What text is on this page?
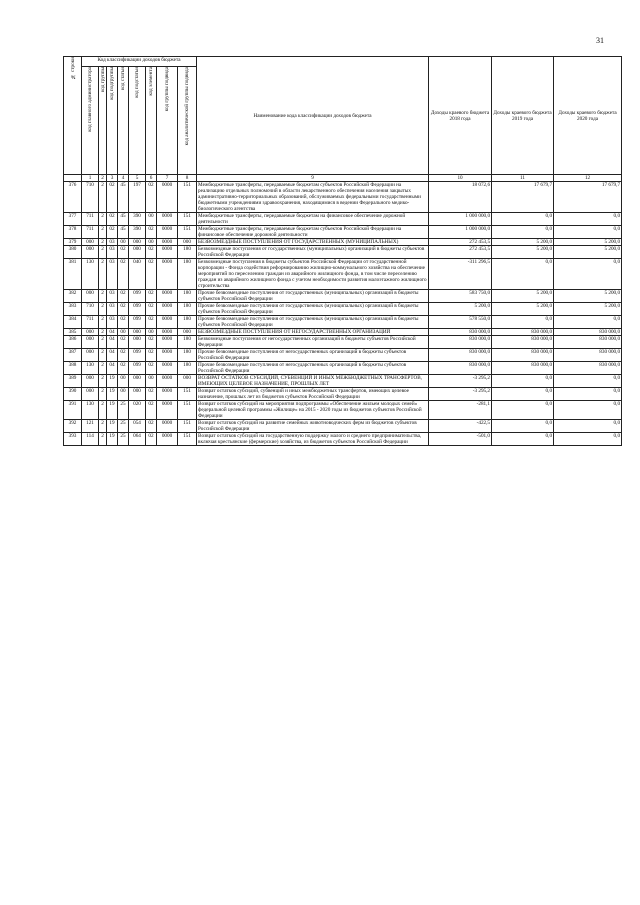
31
№ строки	Код классификации доходов бюджета								Наименование кода классификации доходов бюджета	Доходы краевого бюджета 2018 года	Доходы краевого бюджета 2019 года	Доходы краевого бюджета 2020 года

	код главного администратора	код группы	код подгруппы	код статьи	код подстатьи	код элемента	код группы подвида	код аналитической группы подвида				

	1	2	3	4	5	6	7	8	9	10	11	12
376	710	2	02	45	197	02	0000	151	Межбюджетные трансферты, передаваемые бюджетам субъектов Российской Федерации на реализацию отдельных полномочий в области лекарственного обеспечения населения закрытых административно-территориальных образований, обслуживаемых федеральными государственными бюджетными учреждениями здравоохранения, находящимися в ведении Федерального медико-биологического агентства	18 072,6	17 679,7	17 679,7
377	711	2	02	45	390	00	0000	151	Межбюджетные трансферты, передаваемые бюджетам на финансовое обеспечение дорожной деятельности	1 000 000,0	0,0	0,0
378	711	2	02	45	390	02	0000	151	Межбюджетные трансферты, передаваемые бюджетам субъектов Российской Федерации на финансовое обеспечение дорожной деятельности	1 000 000,0	0,0	0,0
379	000	2	03	00	000	00	0000	000	БЕЗВОЗМЕЗДНЫЕ ПОСТУПЛЕНИЯ ОТ ГОСУДАРСТВЕННЫХ (МУНИЦИПАЛЬНЫХ)	272 453,5	5 200,0	5 200,0
380	000	2	03	02	000	02	0000	180	Безвозмездные поступления от государственных (муниципальных) организаций в бюджеты субъектов Российской Федерации	272 453,5	5 200,0	5 200,0
381	130	2	03	02	040	02	0000	180	Безвозмездные поступления в бюджеты субъектов Российской Федерации от государственной корпорации - Фонда содействия реформированию жилищно-коммунального хозяйства на обеспечение мероприятий по переселению граждан из аварийного жилищного фонда, в том числе переселению граждан из аварийного жилищного фонда с учетом необходимости развития малоэтажного жилищного строительства	-311 296,5	0,0	0,0
382	000	2	03	02	099	02	0000	180	Прочие безвозмездные поступления от государственных (муниципальных) организаций в бюджеты субъектов Российской Федерации	583 750,0	5 200,0	5 200,0
383	710	2	03	02	099	02	0000	180	Прочие безвозмездные поступления от государственных (муниципальных) организаций в бюджеты субъектов Российской Федерации	5 200,0	5 200,0	5 200,0
384	711	2	03	02	099	02	0000	180	Прочие безвозмездные поступления от государственных (муниципальных) организаций в бюджеты субъектов Российской Федерации	578 550,0	0,0	0,0
385	000	2	04	00	000	00	0000	000	БЕЗВОЗМЕЗДНЫЕ ПОСТУПЛЕНИЯ ОТ НЕГОСУДАРСТВЕННЫХ ОРГАНИЗАЦИЙ	830 000,0	830 000,0	830 000,0
386	000	2	04	02	000	02	0000	180	Безвозмездные поступления от негосударственных организаций в бюджеты субъектов Российской Федерации	830 000,0	830 000,0	830 000,0
387	000	2	04	02	099	02	0000	180	Прочие безвозмездные поступления от негосударственных организаций в бюджеты субъектов Российской Федерации	830 000,0	830 000,0	830 000,0
388	130	2	04	02	099	02	0000	180	Прочие безвозмездные поступления от негосударственных организаций в бюджеты субъектов Российской Федерации	830 000,0	830 000,0	830 000,0
389	000	2	19	00	000	00	0000	000	ВОЗВРАТ ОСТАТКОВ СУБСИДИЙ, СУБВЕНЦИЙ И ИНЫХ МЕЖБЮДЖЕТНЫХ ТРАНСФЕРТОВ, ИМЕЮЩИХ ЦЕЛЕВОЕ НАЗНАЧЕНИЕ, ПРОШЛЫХ ЛЕТ	-3 295,2	0,0	0,0
390	000	2	19	00	000	02	0000	151	Возврат остатков субсидий, субвенций и иных межбюджетных трансфертов, имеющих целевое назначение, прошлых лет из бюджетов субъектов Российской Федерации	-3 295,2	0,0	0,0
391	130	2	19	25	020	02	0000	151	Возврат остатков субсидий на мероприятия подпрограммы «Обеспечение жильем молодых семей» федеральной целевой программы «Жилище» на 2015 - 2020 годы из бюджетов субъектов Российской Федерации	-281,1	0,0	0,0
392	121	2	19	25	054	02	0000	151	Возврат остатков субсидий на развитие семейных животноводческих ферм из бюджетов субъектов Российской Федерации	-422,5	0,0	0,0
393	114	2	19	25	064	02	0000	151	Возврат остатков субсидий на государственную поддержку малого и среднего предпринимательства, включая крестьянские (фермерские) хозяйства, из бюджетов субъектов Российской Федерации	-501,0	0,0	0,0
